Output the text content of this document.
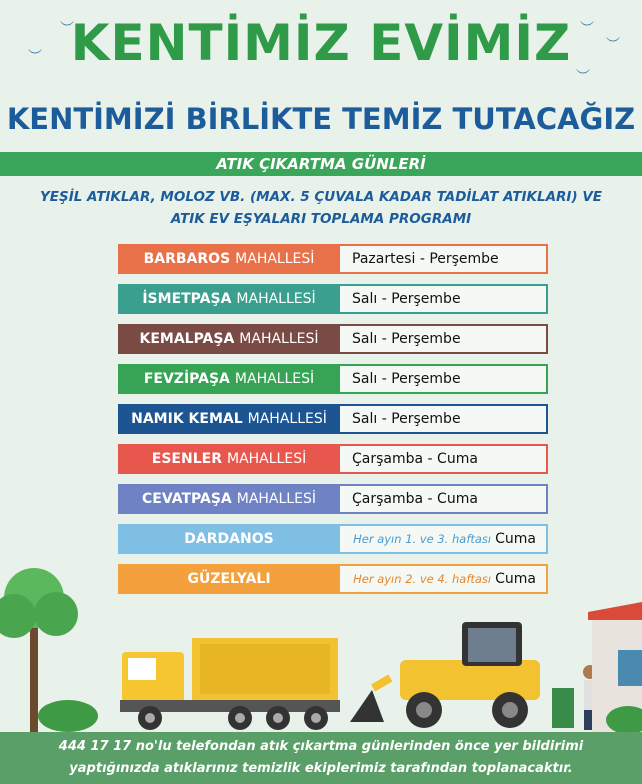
︶
︶
︶
︶
︶
KENTİMİZ EVİMİZ
KENTİMİZİ BİRLİKTE TEMİZ TUTACAĞIZ
ATIK ÇIKARTMA GÜNLERİ
YEŞİL ATIKLAR, MOLOZ VB. (MAX. 5 ÇUVALA KADAR TADİLAT ATIKLARI) VE
ATIK EV EŞYALARI TOPLAMA PROGRAMI
BARBAROS MAHALLESİ	Pazartesi - Perşembe
İSMETPAŞA MAHALLESİ	Salı - Perşembe
KEMALPAŞA MAHALLESİ Salı - Perşembe
FEVZİPAŞA MAHALLESİ	Salı - Perşembe
NAMIK KEMAL MAHALLESİ Salı - Perşembe
ESENLER MAHALLESİ	Çarşamba - Cuma
CEVATPAŞA MAHALLESİ	Çarşamba - Cuma
DARDANOS	Her ayın 1. ve 3. haftası Cuma
GÜZELYALI	Her ayın 2. ve 4. haftası Cuma
444 17 17 no'lu telefondan atık çıkartma günlerinden önce yer bildirimi
yaptığınızda atıklarınız temizlik ekiplerimiz tarafından toplanacaktır.
